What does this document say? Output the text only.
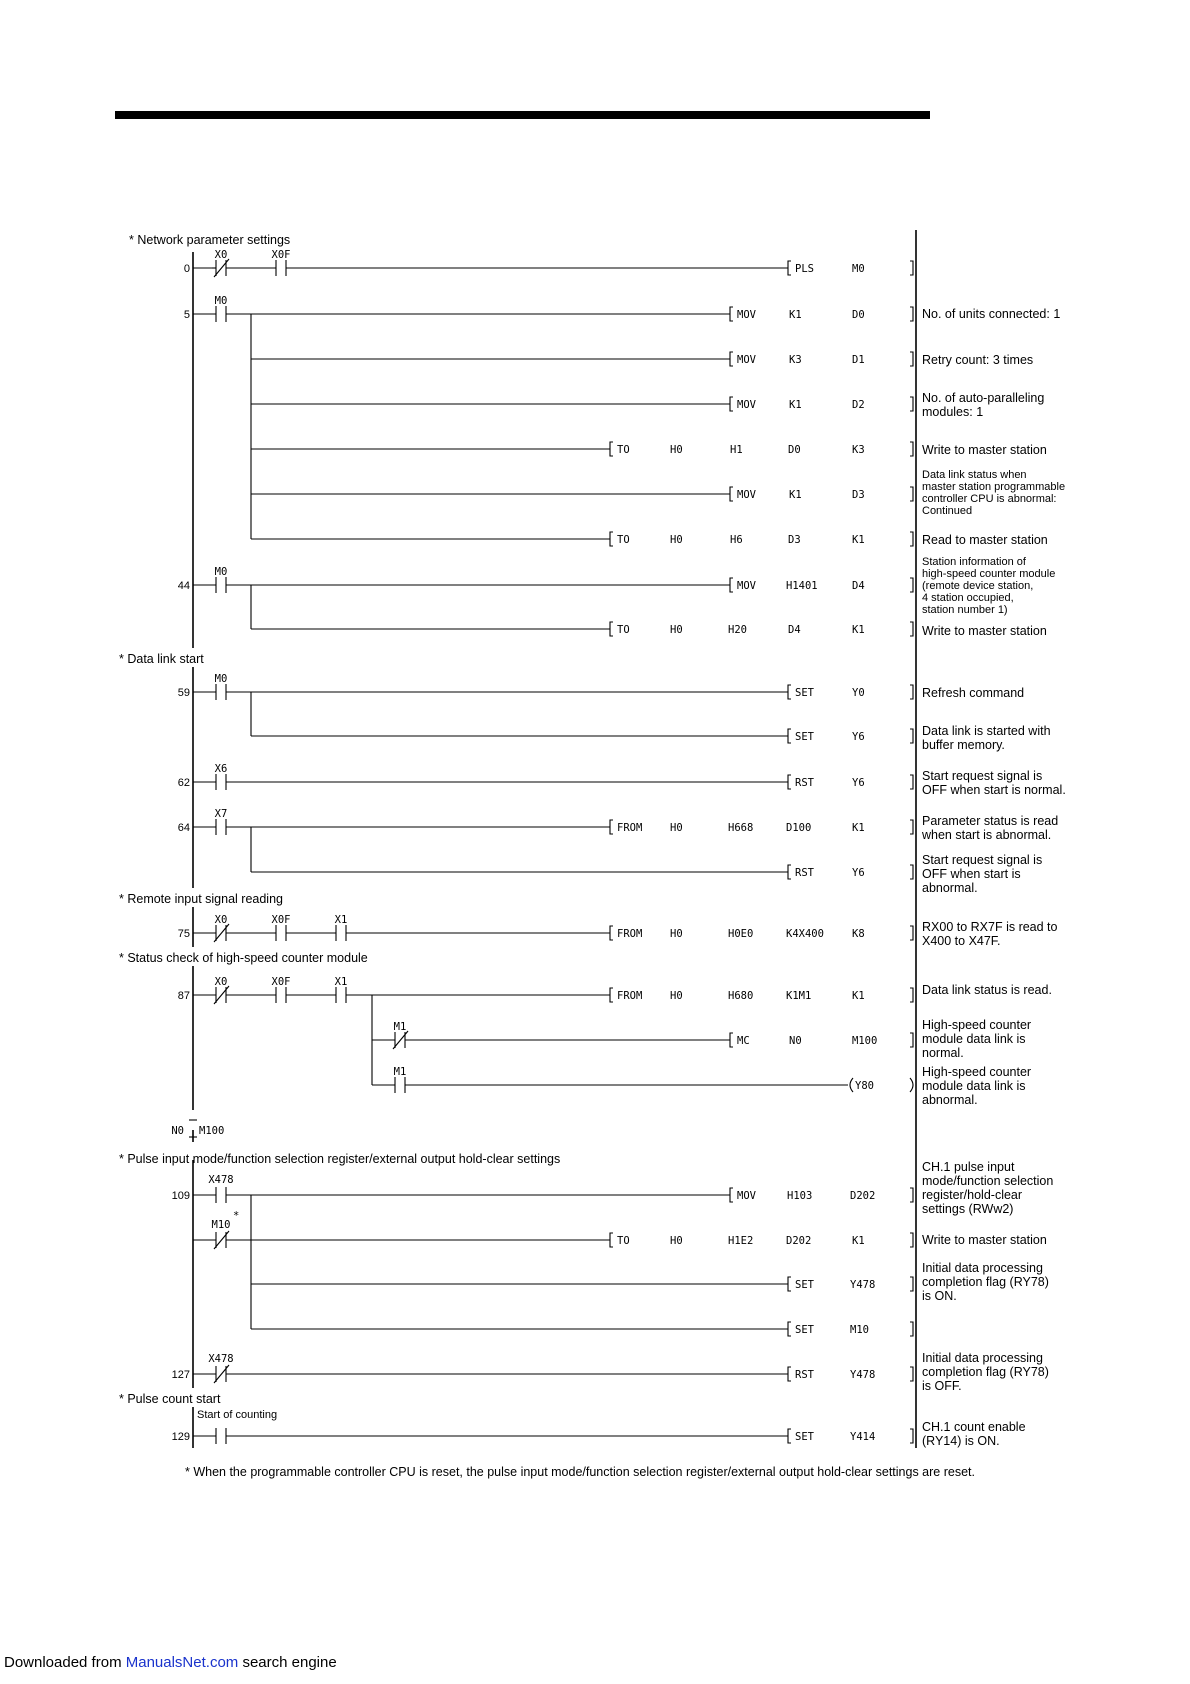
* Network parameter settings
* Data link start
* Remote input signal reading
* Status check of high-speed counter module
* Pulse input mode/function selection register/external output hold-clear settings
* Pulse count start
0
5
44
59
62
64
75
87
109
127
129
X0	X0F
PLS	M0
M0
MOV	K1	D0
MOV	K3	D1
MOV	K1	D2
TO	H0	H1	D0	K3
MOV	K1	D3
TO	H0	H6	D3	K1
M0
MOV	H1401	D4
TO	H0	H20	D4	K1
M0
SET	Y0
SET	Y6
X6
RST	Y6
X7
FROM	H0	H668	D100	K1
RST	Y6
X0	X0F	X1
FROM	H0	H0E0	K4X400	K8
X0	X0F	X1
FROM	H0	H680	K1M1	K1
M1
MC	N0	M100
M1
Y80
N0 M100
X478
MOV	H103	D202
M10
*
TO	H0	H1E2	D202	K1
SET	Y478
SET	M10
X478
RST	Y478
Start of counting
SET	Y414
No. of units connected: 1
Retry count: 3 times
No. of auto-paralleling
modules: 1
Write to master station
Data link status when
master station programmable
controller CPU is abnormal:
Continued
Read to master station
Station information of
high-speed counter module
(remote device station,
4 station occupied,
station number 1)
Write to master station
Refresh command
Data link is started with
buffer memory.
Start request signal is
OFF when start is normal.
Parameter status is read
when start is abnormal.
Start request signal is
OFF when start is
abnormal.
RX00 to RX7F is read to
X400 to X47F.
Data link status is read.
High-speed counter
module data link is
normal.
High-speed counter
module data link is
abnormal.
CH.1 pulse input
mode/function selection
register/hold-clear
settings (RWw2)
Write to master station
Initial data processing
completion flag (RY78)
is ON.
Initial data processing
completion flag (RY78)
is OFF.
CH.1 count enable
(RY14) is ON.
* When the programmable controller CPU is reset, the pulse input mode/function selection register/external output hold-clear settings are reset.
Downloaded from ManualsNet.com search engine
